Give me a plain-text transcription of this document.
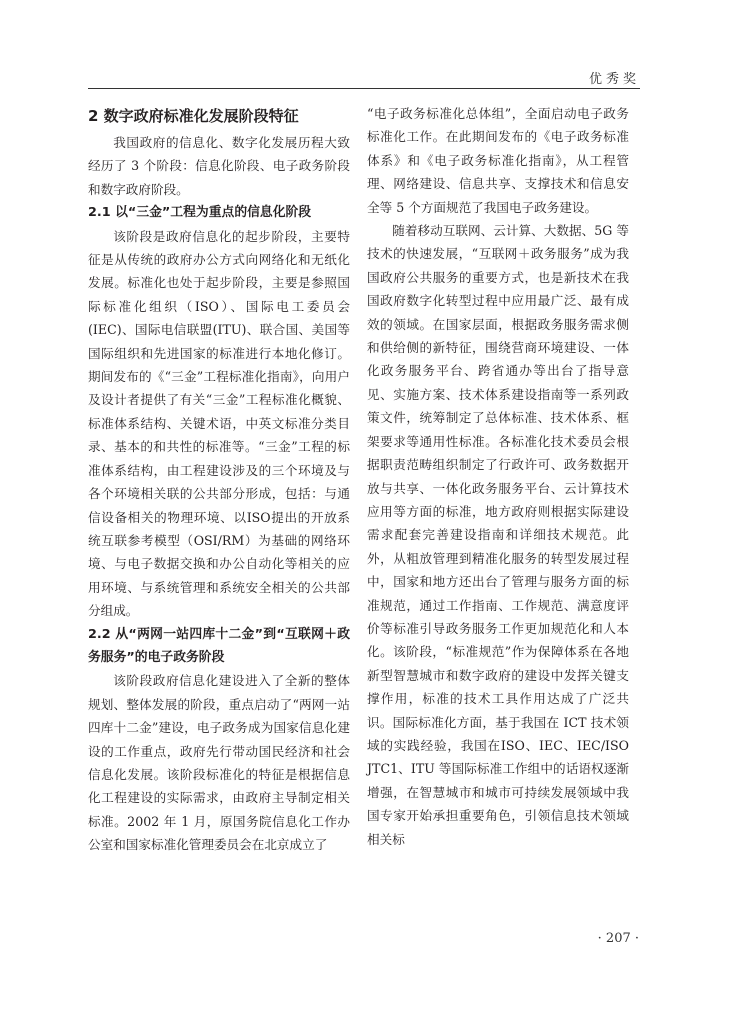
优秀奖
2 数字政府标准化发展阶段特征

我国政府的信息化、数字化发展历程大致经历了 3 个阶段：信息化阶段、电子政务阶段和数字政府阶段。

2.1 以“三金”工程为重点的信息化阶段

该阶段是政府信息化的起步阶段，主要特征是从传统的政府办公方式向网络化和无纸化发展。标准化也处于起步阶段，主要是参照国际标准化组织（ISO）、国际电工委员会(IEC)、国际电信联盟(ITU)、联合国、美国等国际组织和先进国家的标准进行本地化修订。期间发布的《“三金”工程标准化指南》，向用户及设计者提供了有关“三金”工程标准化概貌、标准体系结构、关键术语，中英文标准分类目录、基本的和共性的标准等。“三金”工程的标准体系结构，由工程建设涉及的三个环境及与各个环境相关联的公共部分形成，包括：与通信设备相关的物理环境、以ISO提出的开放系统互联参考模型（OSI/RM）为基础的网络环境、与电子数据交换和办公自动化等相关的应用环境、与系统管理和系统安全相关的公共部分组成。

2.2 从“两网一站四库十二金”到“互联网＋政务服务”的电子政务阶段

该阶段政府信息化建设进入了全新的整体规划、整体发展的阶段，重点启动了“两网一站四库十二金”建设，电子政务成为国家信息化建设的工作重点，政府先行带动国民经济和社会信息化发展。该阶段标准化的特征是根据信息化工程建设的实际需求，由政府主导制定相关标准。2002 年 1 月，原国务院信息化工作办公室和国家标准化管理委员会在北京成立了

“电子政务标准化总体组”，全面启动电子政务标准化工作。在此期间发布的《电子政务标准体系》和《电子政务标准化指南》，从工程管理、网络建设、信息共享、支撑技术和信息安全等 5 个方面规范了我国电子政务建设。

随着移动互联网、云计算、大数据、5G 等技术的快速发展，“互联网＋政务服务”成为我国政府公共服务的重要方式，也是新技术在我国政府数字化转型过程中应用最广泛、最有成效的领域。在国家层面，根据政务服务需求侧和供给侧的新特征，围绕营商环境建设、一体化政务服务平台、跨省通办等出台了指导意见、实施方案、技术体系建设指南等一系列政策文件，统筹制定了总体标准、技术体系、框架要求等通用性标准。各标准化技术委员会根据职责范畴组织制定了行政许可、政务数据开放与共享、一体化政务服务平台、云计算技术应用等方面的标准，地方政府则根据实际建设需求配套完善建设指南和详细技术规范。此外，从粗放管理到精准化服务的转型发展过程中，国家和地方还出台了管理与服务方面的标准规范，通过工作指南、工作规范、满意度评价等标准引导政务服务工作更加规范化和人本化。该阶段，“标准规范”作为保障体系在各地新型智慧城市和数字政府的建设中发挥关键支撑作用，标准的技术工具作用达成了广泛共识。国际标准化方面，基于我国在 ICT 技术领域的实践经验，我国在ISO、IEC、IEC/ISO JTC1、ITU 等国际标准工作组中的话语权逐渐增强，在智慧城市和城市可持续发展领域中我国专家开始承担重要角色，引领信息技术领域相关标

· 207 ·
